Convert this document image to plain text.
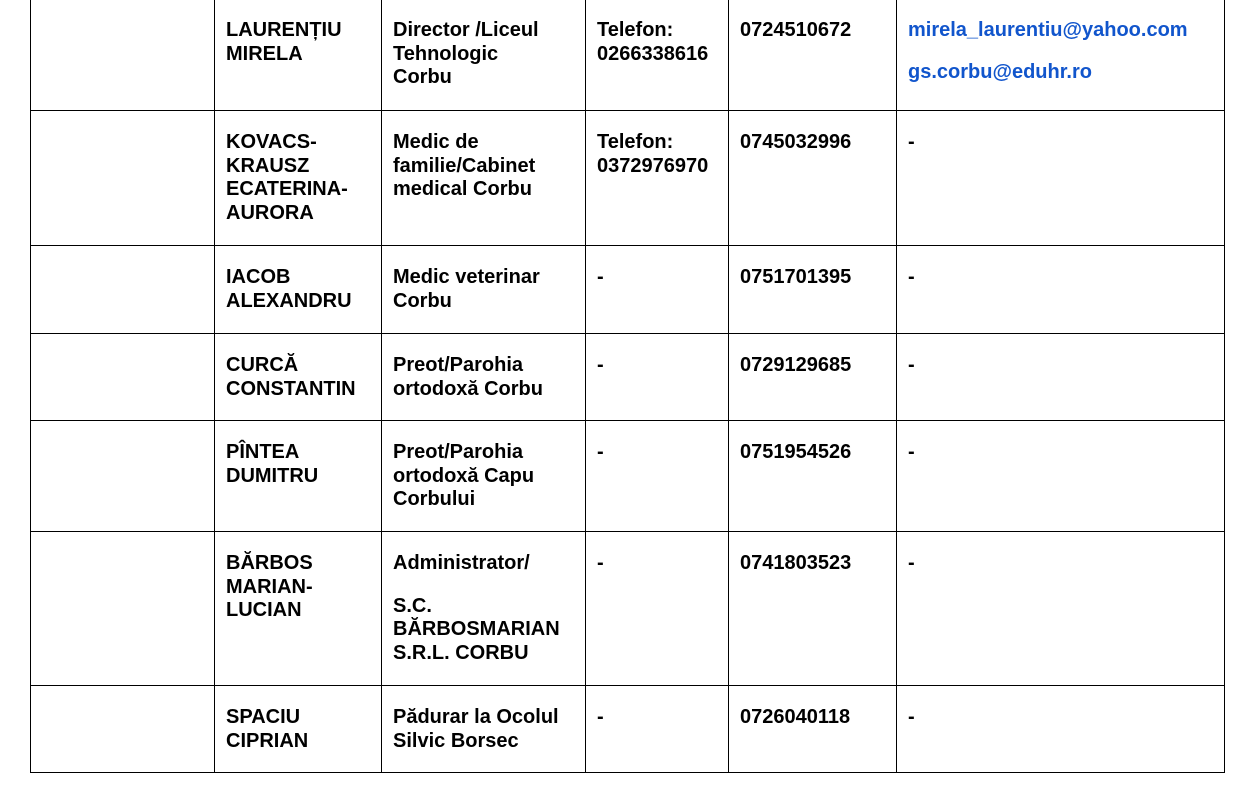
	LAURENȚIU
MIRELA	Director /Liceul
Tehnologic
Corbu	Telefon:
0266338616	0724510672	mirela_laurentiu@yahoo.com
gs.corbu@eduhr.ro

	KOVACS-
KRAUSZ
ECATERINA-
AURORA	Medic de
familie/Cabinet
medical Corbu	Telefon:
0372976970	0745032996	-

	IACOB
ALEXANDRU	Medic veterinar
Corbu	-	0751701395	-

	CURCĂ
CONSTANTIN	Preot/Parohia
ortodoxă Corbu	-	0729129685	-

	PÎNTEA
DUMITRU	Preot/Parohia
ortodoxă Capu
Corbului	-	0751954526	-

	BĂRBOS
MARIAN-
LUCIAN	Administrator/
S.C.
BĂRBOSMARIAN
S.R.L. CORBU	-	0741803523	-

	SPACIU
CIPRIAN	Pădurar la Ocolul
Silvic Borsec	-	0726040118	-
